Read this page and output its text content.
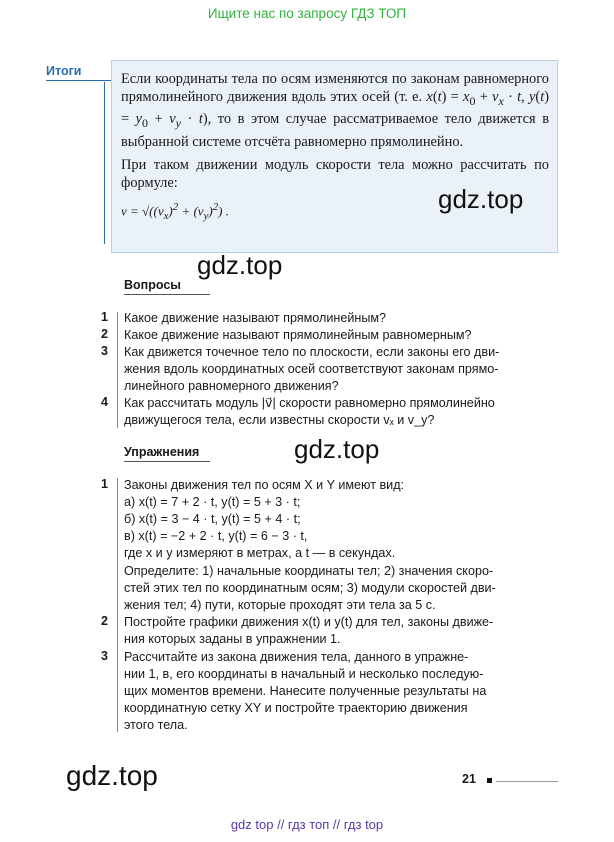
Ищите нас по запросу ГДЗ ТОП
Итоги	Если координаты тела по осям изменяются по законам равномерного прямолинейного движения вдоль этих осей (т. е. $x(t) = x_0 + v_x \cdot t$, $y(t) = y_0 + v_y \cdot t$), то в этом случае рассматриваемое тело движется в выбранной системе отсчёта равномерно прямолинейно.

При таком движении модуль скорости тела можно рассчитать по формуле:

$v = √((v_x)^2 + (v_y)^2)$ .	gdz.top
gdz.top
gdz.top
gdz.top
Вопросы
1 Какое движение называют прямолинейным?
2 Какое движение называют прямолинейным равномерным?
3 Как движется точечное тело по плоскости, если законы его дви-
жения вдоль координатных осей соответствуют законам прямо-
линейного равномерного движения?
4 Как рассчитать модуль |v⃗| скорости равномерно прямолинейно
движущегося тела, если известны скорости vₓ и v_y?
Упражнения
1 Законы движения тел по осям X и Y имеют вид:
а) x(t) = 7 + 2 · t, y(t) = 5 + 3 · t;
б) x(t) = 3 − 4 · t, y(t) = 5 + 4 · t;
в) x(t) = −2 + 2 · t, y(t) = 6 − 3 · t,
где x и y измеряют в метрах, а t — в секундах.
Определите: 1) начальные координаты тел; 2) значения скоро-
стей этих тел по координатным осям; 3) модули скоростей дви-
жения тел; 4) пути, которые проходят эти тела за 5 с.
2 Постройте графики движения x(t) и y(t) для тел, законы движе-
ния которых заданы в упражнении 1.
3 Рассчитайте из закона движения тела, данного в упражне-
нии 1, в, его координаты в начальный и несколько последую-
щих моментов времени. Нанесите полученные результаты на
координатную сетку XY и постройте траекторию движения
этого тела.
21
gdz top // гдз топ // гдз top
